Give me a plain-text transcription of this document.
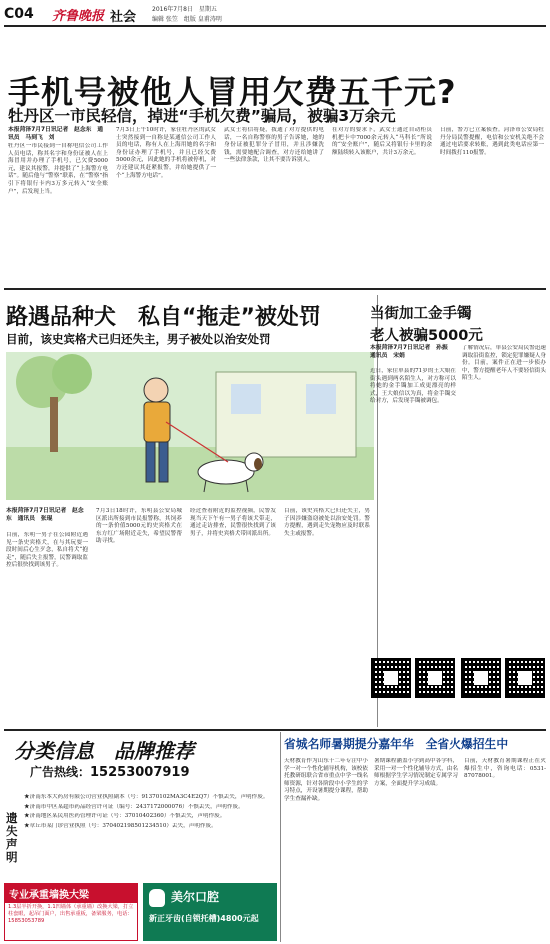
C04 齐鲁晚报 社会
2016年7月8日　星期五
编辑 张笠　组版 皇甫涛明
手机号被他人冒用欠费五千元?
牡丹区一市民轻信，掉进“手机欠费”骗局，被骗3万余元
本报菏泽7月7日讯记者　赵念东　通讯员　马到飞　刘
牡丹区一市民接到一自称电信公司工作人员电话，称其名字和身份证被人在上海冒用并办理了手机号，已欠费5000元，建议其报警，并提供了“上海警方电话”。随后他与“警察”联系，在“警察”指引下将银行卡内3万多元转入“安全账户”，后发现上当。
7月3日上午10时许，家住牡丹区的武女士突然接到一自称是某通信公司工作人员的电话，称有人在上海用她的名字和身份证办理了手机号，并且已经欠费5000余元，因此她的手机将被停机，对方还建议其赶紧报警，并给她提供了一个“上海警方电话”。
武女士将信将疑，拨通了对方提供的电话，一名自称警察的男子告诉她，她的身份证被犯罪分子冒用，并且涉嫌洗钱，需要她配合调查，对方还给她讲了一些法律条款，让其不要告诉别人。
在对方的要求下，武女士通过自动柜员机把卡中7000余元转入“马科长”所说的“安全账户”，随后又将银行卡里的余额陆续转入该账户，共计3万余元。
日前，警方已立案侦查。菏泽市公安局牡丹分局民警提醒，电信和公安机关绝不会通过电话要求转账，遇到此类电话应第一时间拨打110报警。
路遇品种犬　私自“拖走”被处罚
目前，该史宾格犬已归还失主，男子被处以治安处罚
本报菏泽7月7日讯记者　赵念东　通讯员　张琨
目前，东明一男子在公园附近遇见一条史宾格犬，在与其玩耍一段时间后心生歹念，私自将犬“抱走”，随后失主报警，民警调取监控后很快找到该男子。
7月3日18时许，东明县公安局城区派出所接到市民报警称，其饲养的一条价值5000元的史宾格犬在东方红广场附近走失，希望民警帮助寻找。
经过查看附近的监控视频，民警发现当天下午有一男子将该犬带走，通过走访排查，民警很快找到了该男子，并将史宾格犬带回派出所。
目前，该史宾格犬已归还失主，男子因涉嫌盗窃被处以治安处罚。警方提醒，遇到走失宠物应及时联系失主或报警。
当街加工金手镯
老人被骗5000元
本报菏泽7月7日讯记者　孙振　通讯员　宋娟
近日，家住单县的71岁的王大娘在街头遇到两名陌生人，对方称可以将她的金手镯加工成更漂亮的样式，王大娘信以为真，将金手镯交给对方，后发现手镯被调包。
了解情况后，单县公安局民警迅速调取沿街监控，锁定犯罪嫌疑人身份。目前，案件正在进一步侦办中，警方提醒老年人不要轻信街头陌生人。
分类信息　品牌推荐
广告热线：15253007919
遗失声明
★济南东本大药房有限公司营业执照副本（号：91370102MA3C4E2Q7）不慎丢失，声明作废。
★济南市中区某超市药品经营许可证（编号：2437172000076）不慎丢失，声明作废。
★济南地区某民用医药管理许可证（号：37010402360）不慎丢失，声明作废。
★章丘市某门诊营业执照（号：370402198501234510）丢失，声明作废。
专业承重墙换大梁
1.3层半折开换，1.1凹墙体（承重墙）改换大梁，打立柱套眼，起吊门面户，出售承重板，备梁服务，电话：15853053789
美尔口腔
新正牙齿(自锁托槽)4800元起
省城名师暑期提分嘉年华　全省火爆招生中
天材教育作为山东十二年专注中小学一对一个性化辅导机构，该校依托教研组联合省市重点中学一线名师资源，针对各阶段中小学生的学习特点，开设暑期提分课程，帮助学生查漏补缺。
暑期课程涵盖小学到高中各学科，采用一对一个性化辅导方式，由名师根据学生学习情况制定专属学习方案，全面提升学习成绩。
目前，天材教育暑期课程正在火爆招生中，咨询电话：0531-87078001。
